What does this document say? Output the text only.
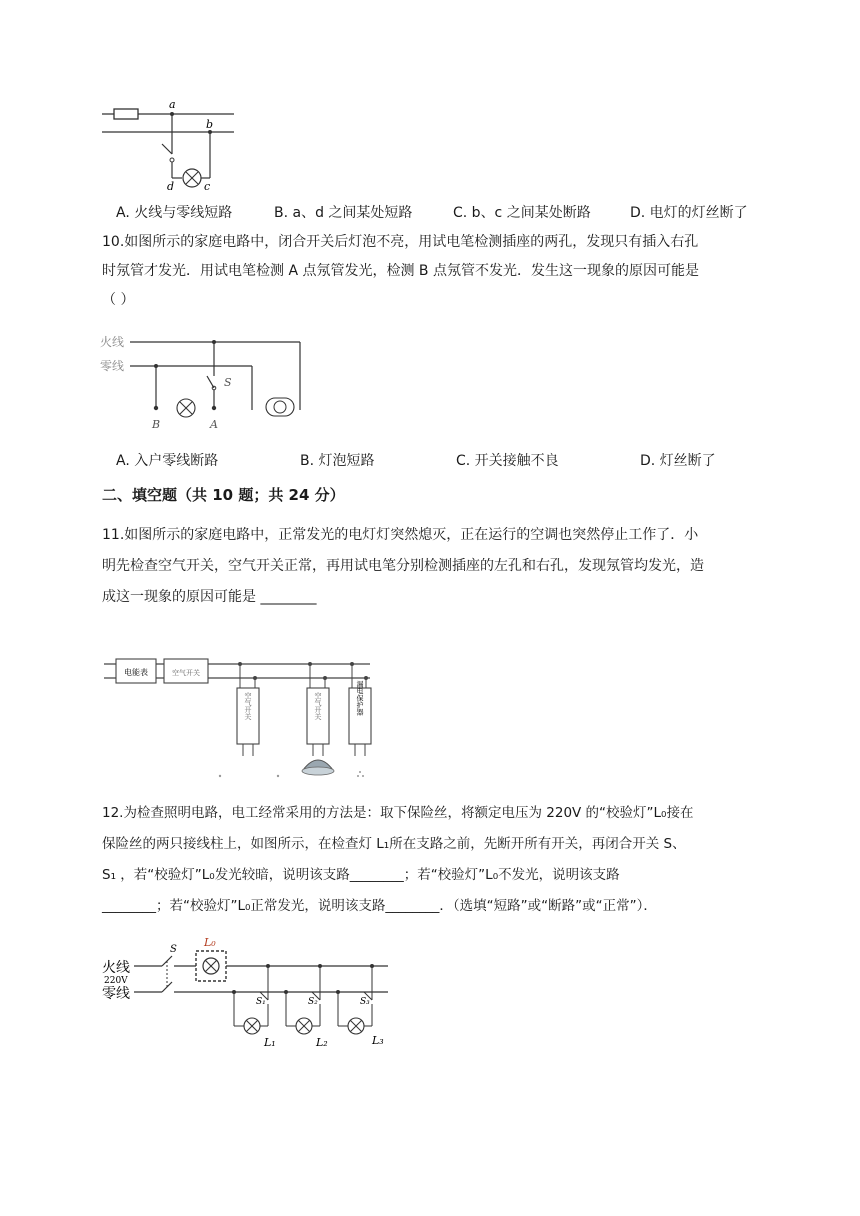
a
b
c
d
A. 火线与零线短路	B. a、d 之间某处短路	C. b、c 之间某处断路	D. 电灯的灯丝断了
10.如图所示的家庭电路中，闭合开关后灯泡不亮，用试电笔检测插座的两孔，发现只有插入右孔
时氖管才发光．用试电笔检测 A 点氖管发光，检测 B 点氖管不发光．发生这一现象的原因可能是
（ ）
火线
零线
S
B	A
A. 入户零线断路	B. 灯泡短路	C. 开关接触不良	D. 灯丝断了
二、填空题（共 10 题；共 24 分）
11.如图所示的家庭电路中，正常发光的电灯灯突然熄灭，正在运行的空调也突然停止工作了．小
明先检查空气开关，空气开关正常，再用试电笔分别检测插座的左孔和右孔，发现氖管均发光，造
成这一现象的原因可能是 ________
电能表	空气开关
空气开关	空气开关	漏电保护器
12.为检查照明电路，电工经常采用的方法是：取下保险丝，将额定电压为 220V 的“校验灯”L₀接在
保险丝的两只接线柱上，如图所示，在检查灯 L₁所在支路之前，先断开所有开关，再闭合开关 S、
S₁ ，若“校验灯”L₀发光较暗，说明该支路________；若“校验灯”L₀不发光，说明该支路
________；若“校验灯”L₀正常发光，说明该支路________．（选填“短路”或“断路”或“正常”）．
火线
220V
零线
S
L₀
S₁
L₁
S₂
L₂
S₃
L₃
